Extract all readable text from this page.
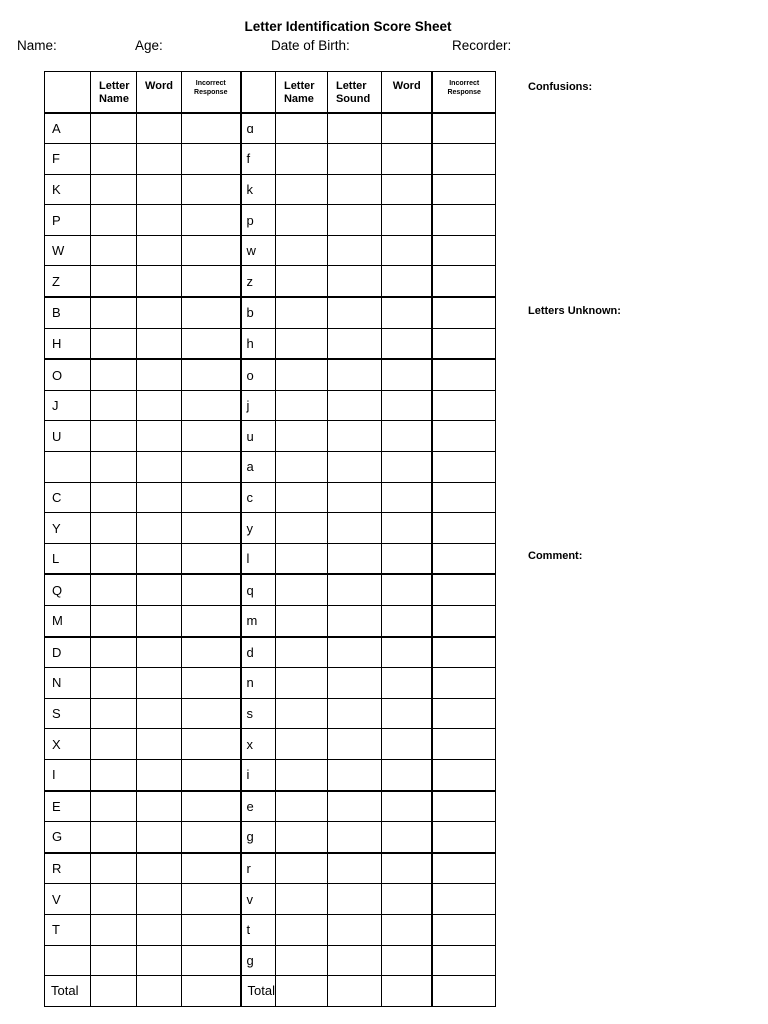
Letter Identification Score Sheet
Name:	Age:	Date of Birth:	Recorder:
	Letter Name	Word	Incorrect Response		Letter Name	Letter Sound	Word	Incorrect Response
A				ɑ				
F				f				
K				k				
P				p				
W				w				
Z				z				
B				b				
H				h				
O				o				
J				j				
U				u				
				a				
C				c				
Y				y				
L				l				
Q				q				
M				m				
D				d				
N				n				
S				s				
X				x				
I				i				
E				e				
G				g				
R				r				
V				v				
T				t				
				ɡ				
Total				Total				
Confusions:
Letters Unknown:
Comment:
